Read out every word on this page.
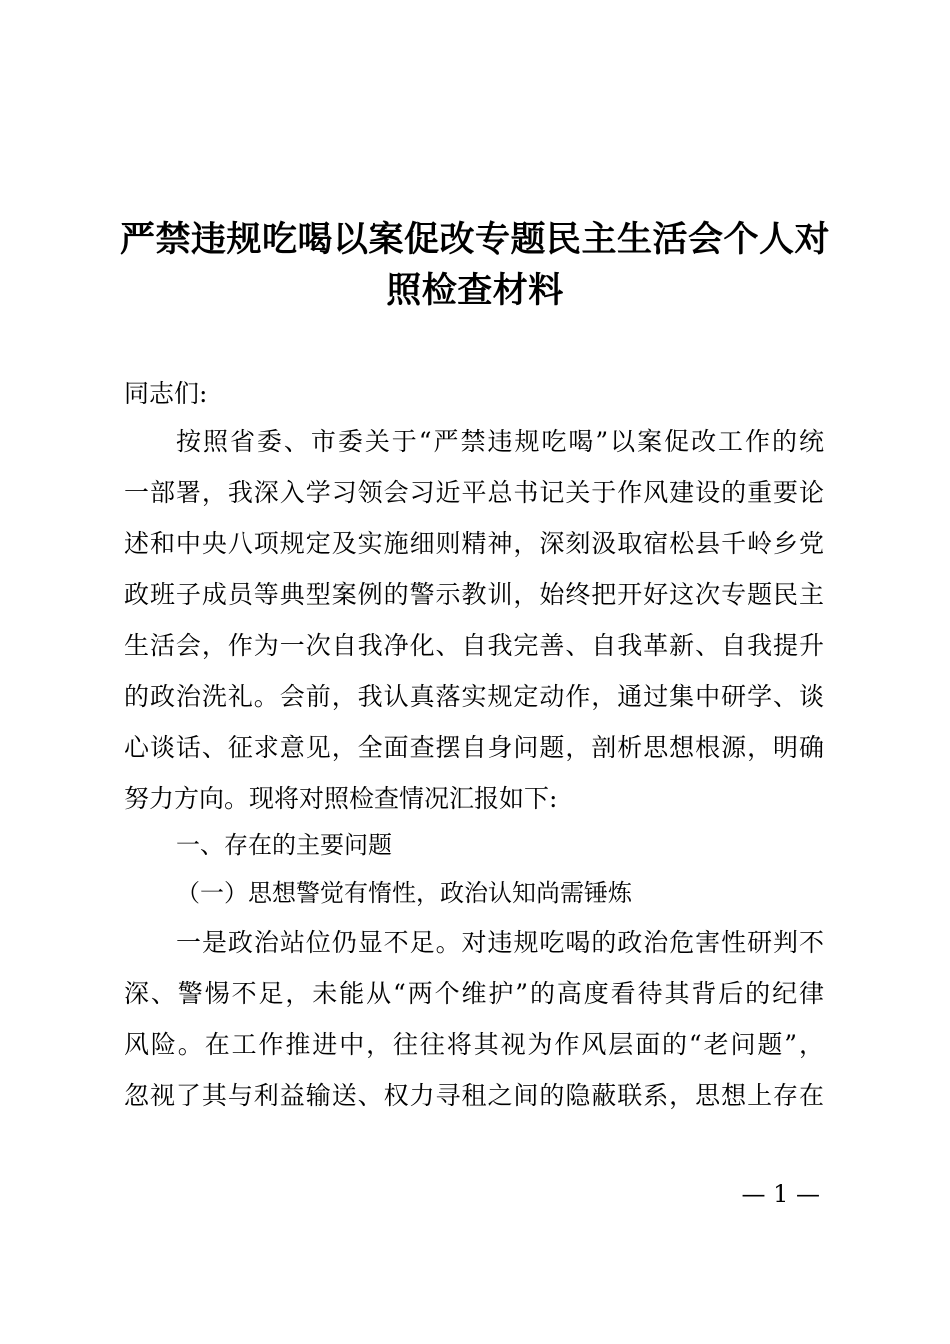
严禁违规吃喝以案促改专题民主生活会个人对
照检查材料
同志们:
按照省委、市委关于“严禁违规吃喝”以案促改工作的统
一部署，我深入学习领会习近平总书记关于作风建设的重要论
述和中央八项规定及实施细则精神，深刻汲取宿松县千岭乡党
政班子成员等典型案例的警示教训，始终把开好这次专题民主
生活会，作为一次自我净化、自我完善、自我革新、自我提升
的政治洗礼。会前，我认真落实规定动作，通过集中研学、谈
心谈话、征求意见，全面查摆自身问题，剖析思想根源，明确
努力方向。现将对照检查情况汇报如下:
一、存在的主要问题
（一）思想警觉有惰性，政治认知尚需锤炼
一是政治站位仍显不足。对违规吃喝的政治危害性研判不
深、警惕不足，未能从“两个维护”的高度看待其背后的纪律
风险。在工作推进中，往往将其视为作风层面的“老问题”，
忽视了其与利益输送、权力寻租之间的隐蔽联系，思想上存在
— 1 —
